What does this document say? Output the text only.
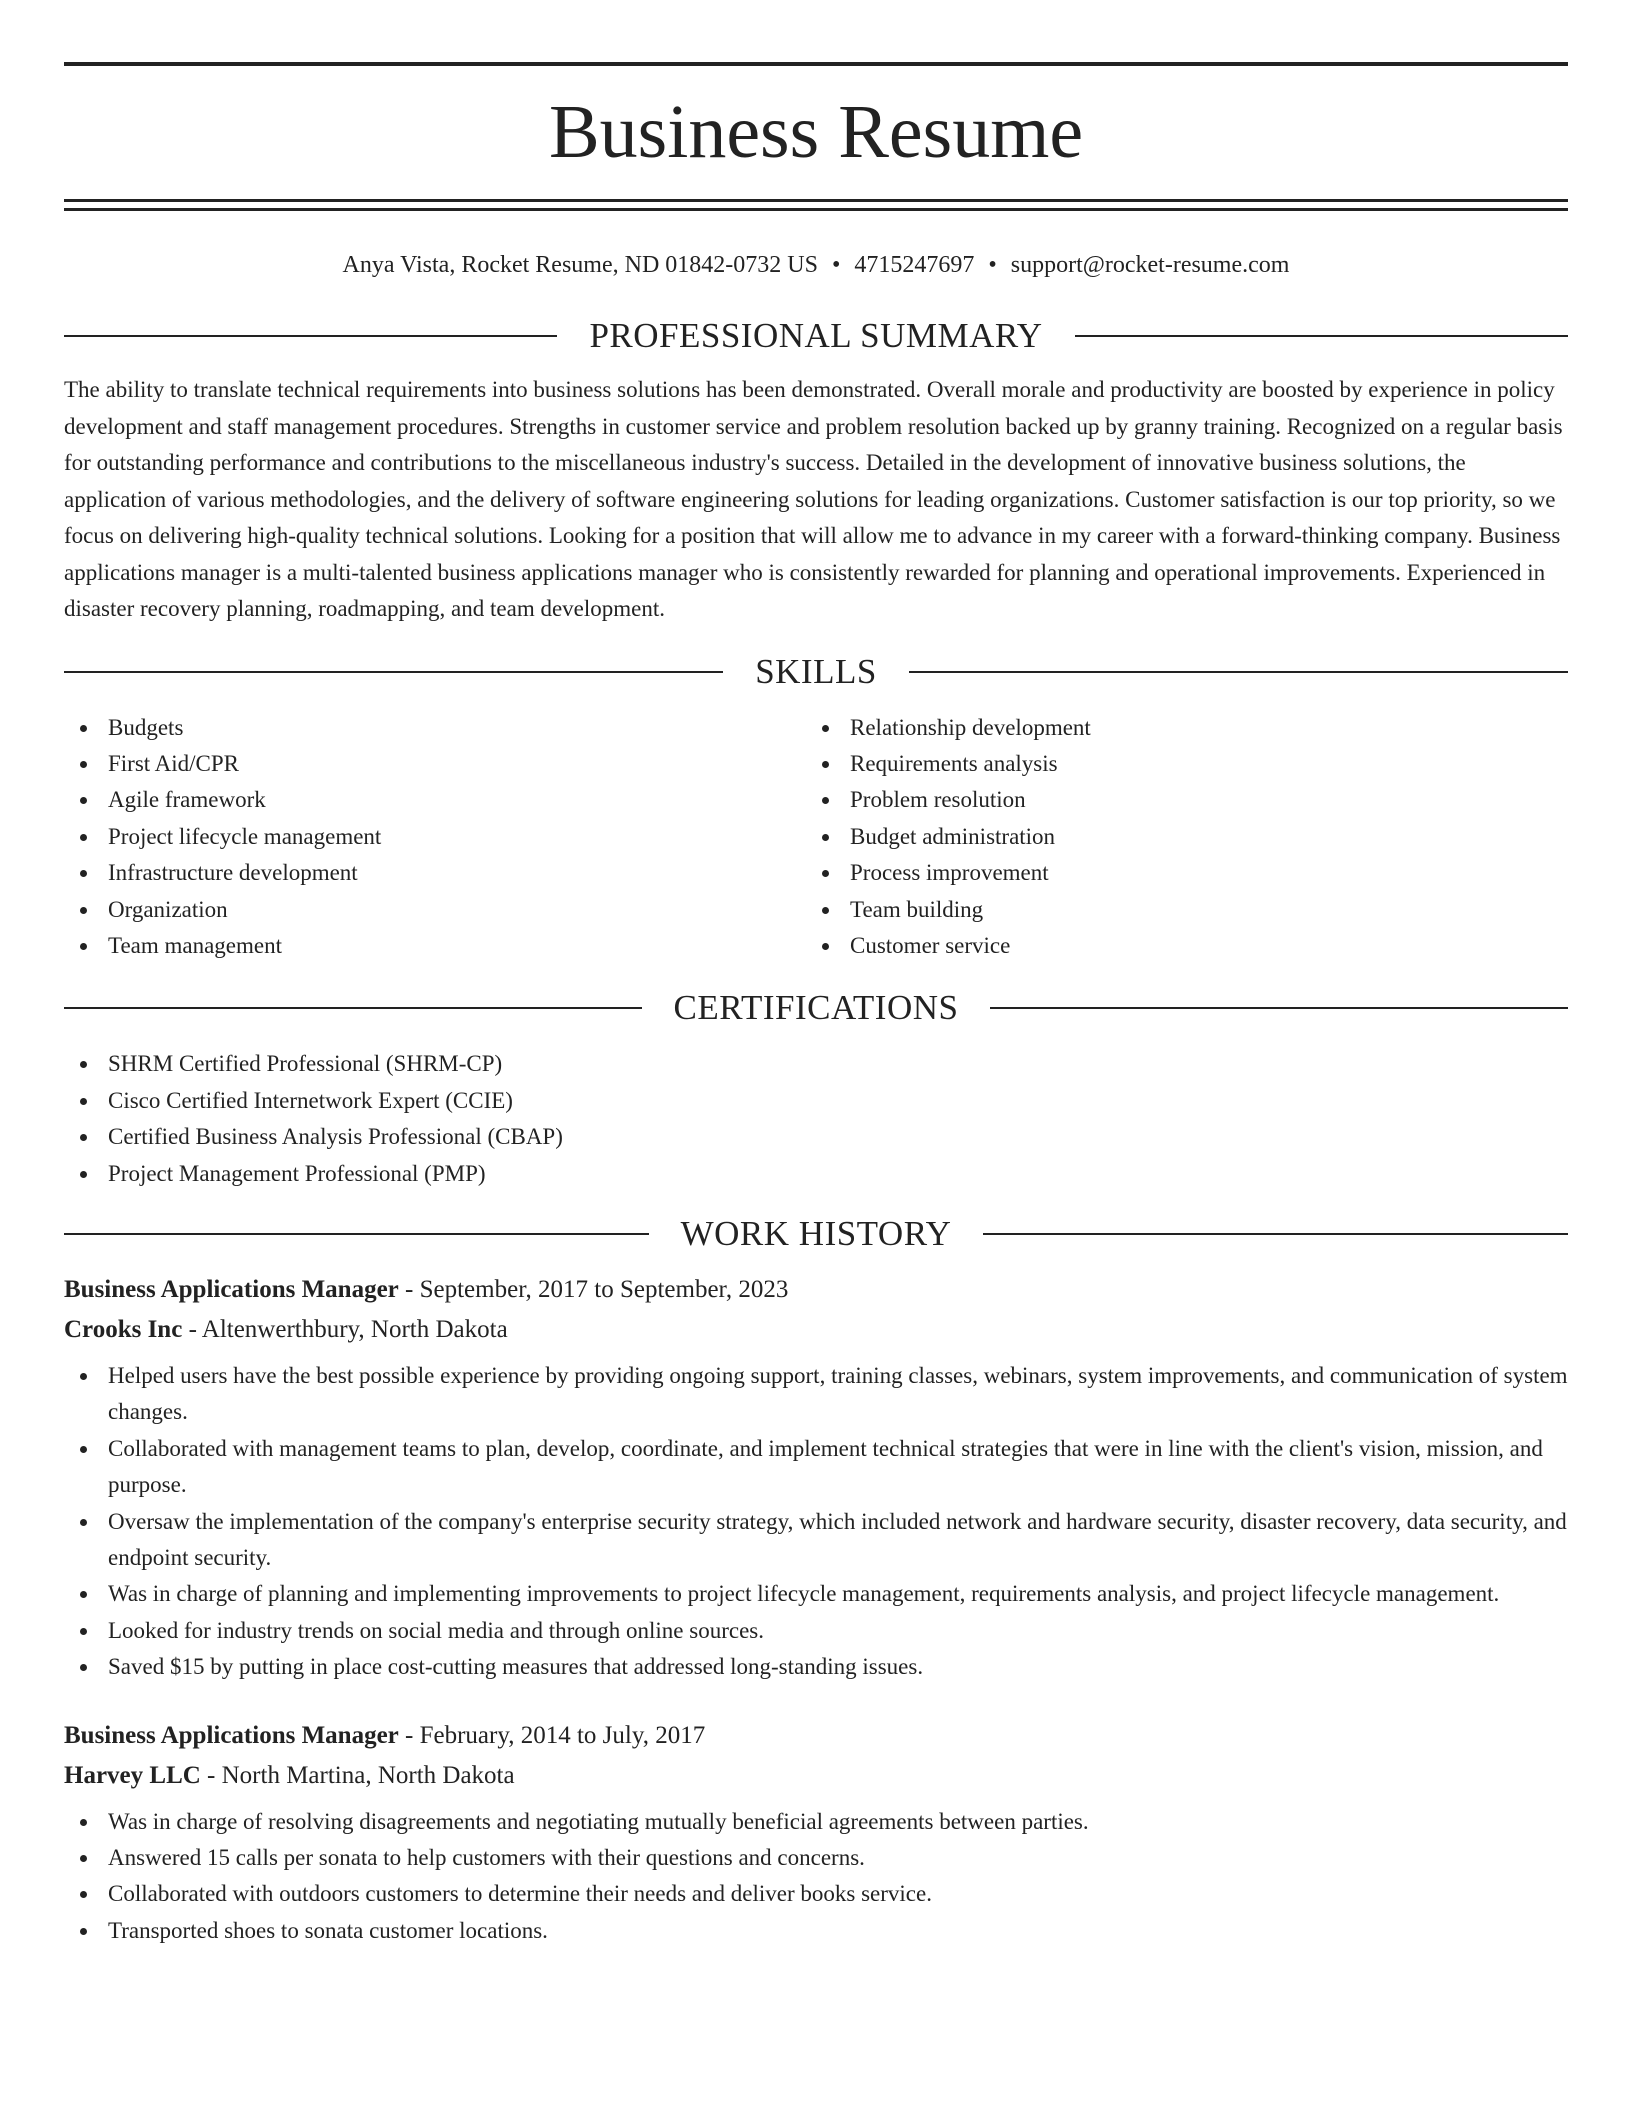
Business Resume
Anya Vista, Rocket Resume, ND 01842-0732 US • 4715247697 • support@rocket-resume.com
PROFESSIONAL SUMMARY

The ability to translate technical requirements into business solutions has been demonstrated. Overall morale and productivity are boosted by experience in policy development and staff management procedures. Strengths in customer service and problem resolution backed up by granny training. Recognized on a regular basis for outstanding performance and contributions to the miscellaneous industry's success. Detailed in the development of innovative business solutions, the application of various methodologies, and the delivery of software engineering solutions for leading organizations. Customer satisfaction is our top priority, so we focus on delivering high-quality technical solutions. Looking for a position that will allow me to advance in my career with a forward-thinking company. Business applications manager is a multi-talented business applications manager who is consistently rewarded for planning and operational improvements. Experienced in disaster recovery planning, roadmapping, and team development.

SKILLS
Budgets
First Aid/CPR
Agile framework
Project lifecycle management
Infrastructure development
Organization
Team management
Relationship development
Requirements analysis
Problem resolution
Budget administration
Process improvement
Team building
Customer service
CERTIFICATIONS
SHRM Certified Professional (SHRM-CP)
Cisco Certified Internetwork Expert (CCIE)
Certified Business Analysis Professional (CBAP)
Project Management Professional (PMP)
WORK HISTORY
Business Applications Manager - September, 2017 to September, 2023
Crooks Inc - Altenwerthbury, North Dakota
Helped users have the best possible experience by providing ongoing support, training classes, webinars, system improvements, and communication of system changes.
Collaborated with management teams to plan, develop, coordinate, and implement technical strategies that were in line with the client's vision, mission, and purpose.
Oversaw the implementation of the company's enterprise security strategy, which included network and hardware security, disaster recovery, data security, and endpoint security.
Was in charge of planning and implementing improvements to project lifecycle management, requirements analysis, and project lifecycle management.
Looked for industry trends on social media and through online sources.
Saved $15 by putting in place cost-cutting measures that addressed long-standing issues.
Business Applications Manager - February, 2014 to July, 2017
Harvey LLC - North Martina, North Dakota
Was in charge of resolving disagreements and negotiating mutually beneficial agreements between parties.
Answered 15 calls per sonata to help customers with their questions and concerns.
Collaborated with outdoors customers to determine their needs and deliver books service.
Transported shoes to sonata customer locations.
